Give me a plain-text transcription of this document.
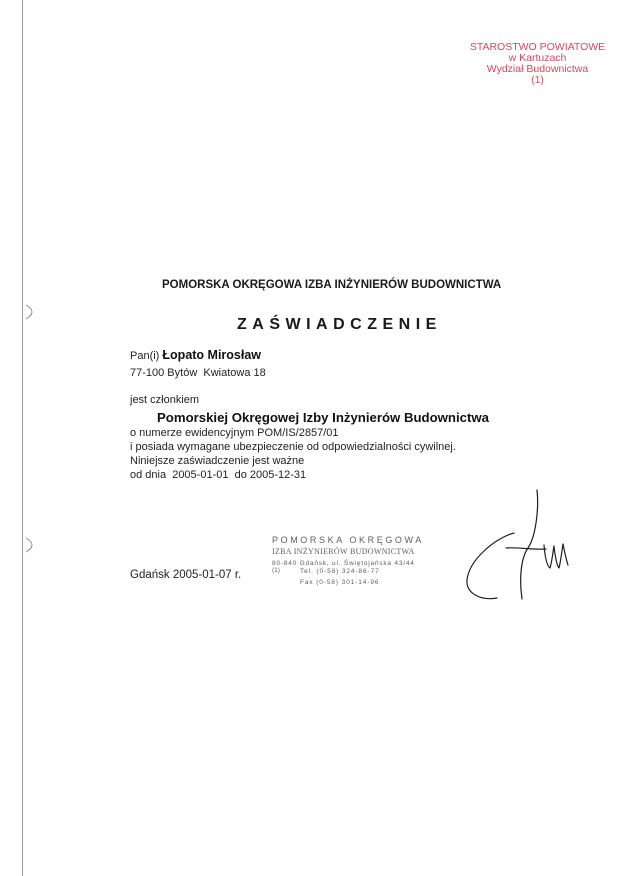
STAROSTWO POWIATOWE
w Kartuzach
Wydział Budownictwa
(1)
POMORSKA OKRĘGOWA IZBA INŻYNIERÓW BUDOWNICTWA
ZAŚWIADCZENIE
Pan(i) Łopato Mirosław
77-100 Bytów  Kwiatowa 18
jest członkiem
Pomorskiej Okręgowej Izby Inżynierów Budownictwa
o numerze ewidencyjnym POM/IS/2857/01
i posiada wymagane ubezpieczenie od odpowiedzialności cywilnej.
Niniejsze zaświadczenie jest ważne
od dnia  2005-01-01  do 2005-12-31
Gdańsk 2005-01-07 r.
POMORSKA OKRĘGOWA
IZBA INŻYNIERÓW BUDOWNICTWA
80-840 Gdańsk, ul. Świętojańska 43/44
(1)	Tel. (0-58) 324-86-77
Fax (0-58) 301-14-96
